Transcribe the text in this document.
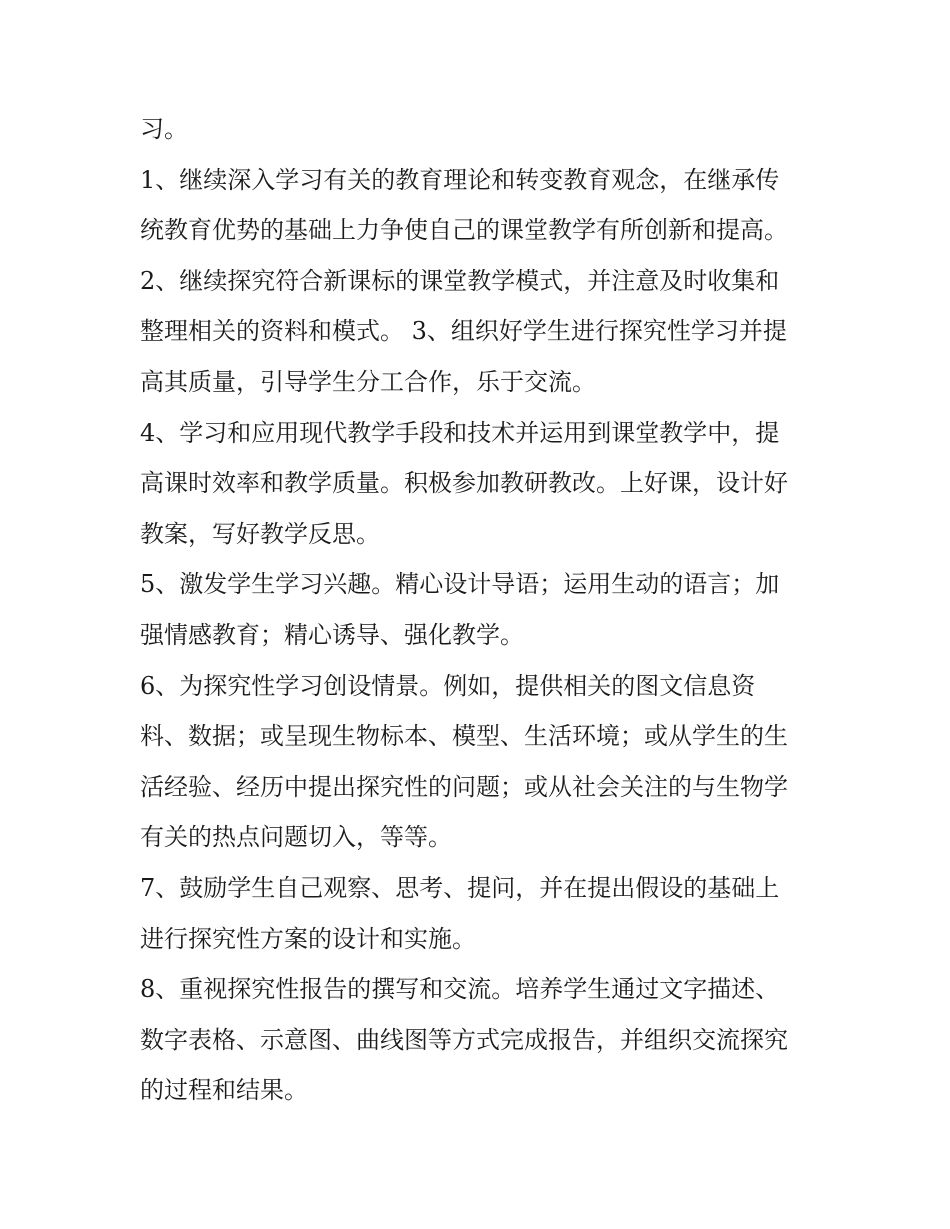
习。
1、继续深入学习有关的教育理论和转变教育观念，在继承传
统教育优势的基础上力争使自己的课堂教学有所创新和提高。
2、继续探究符合新课标的课堂教学模式，并注意及时收集和
整理相关的资料和模式。 3、组织好学生进行探究性学习并提
高其质量，引导学生分工合作，乐于交流。
4、学习和应用现代教学手段和技术并运用到课堂教学中，提
高课时效率和教学质量。积极参加教研教改。上好课，设计好
教案，写好教学反思。
5、激发学生学习兴趣。精心设计导语；运用生动的语言；加
强情感教育；精心诱导、强化教学。
6、为探究性学习创设情景。例如，提供相关的图文信息资
料、数据；或呈现生物标本、模型、生活环境；或从学生的生
活经验、经历中提出探究性的问题；或从社会关注的与生物学
有关的热点问题切入，等等。
7、鼓励学生自己观察、思考、提问，并在提出假设的基础上
进行探究性方案的设计和实施。
8、重视探究性报告的撰写和交流。培养学生通过文字描述、
数字表格、示意图、曲线图等方式完成报告，并组织交流探究
的过程和结果。
